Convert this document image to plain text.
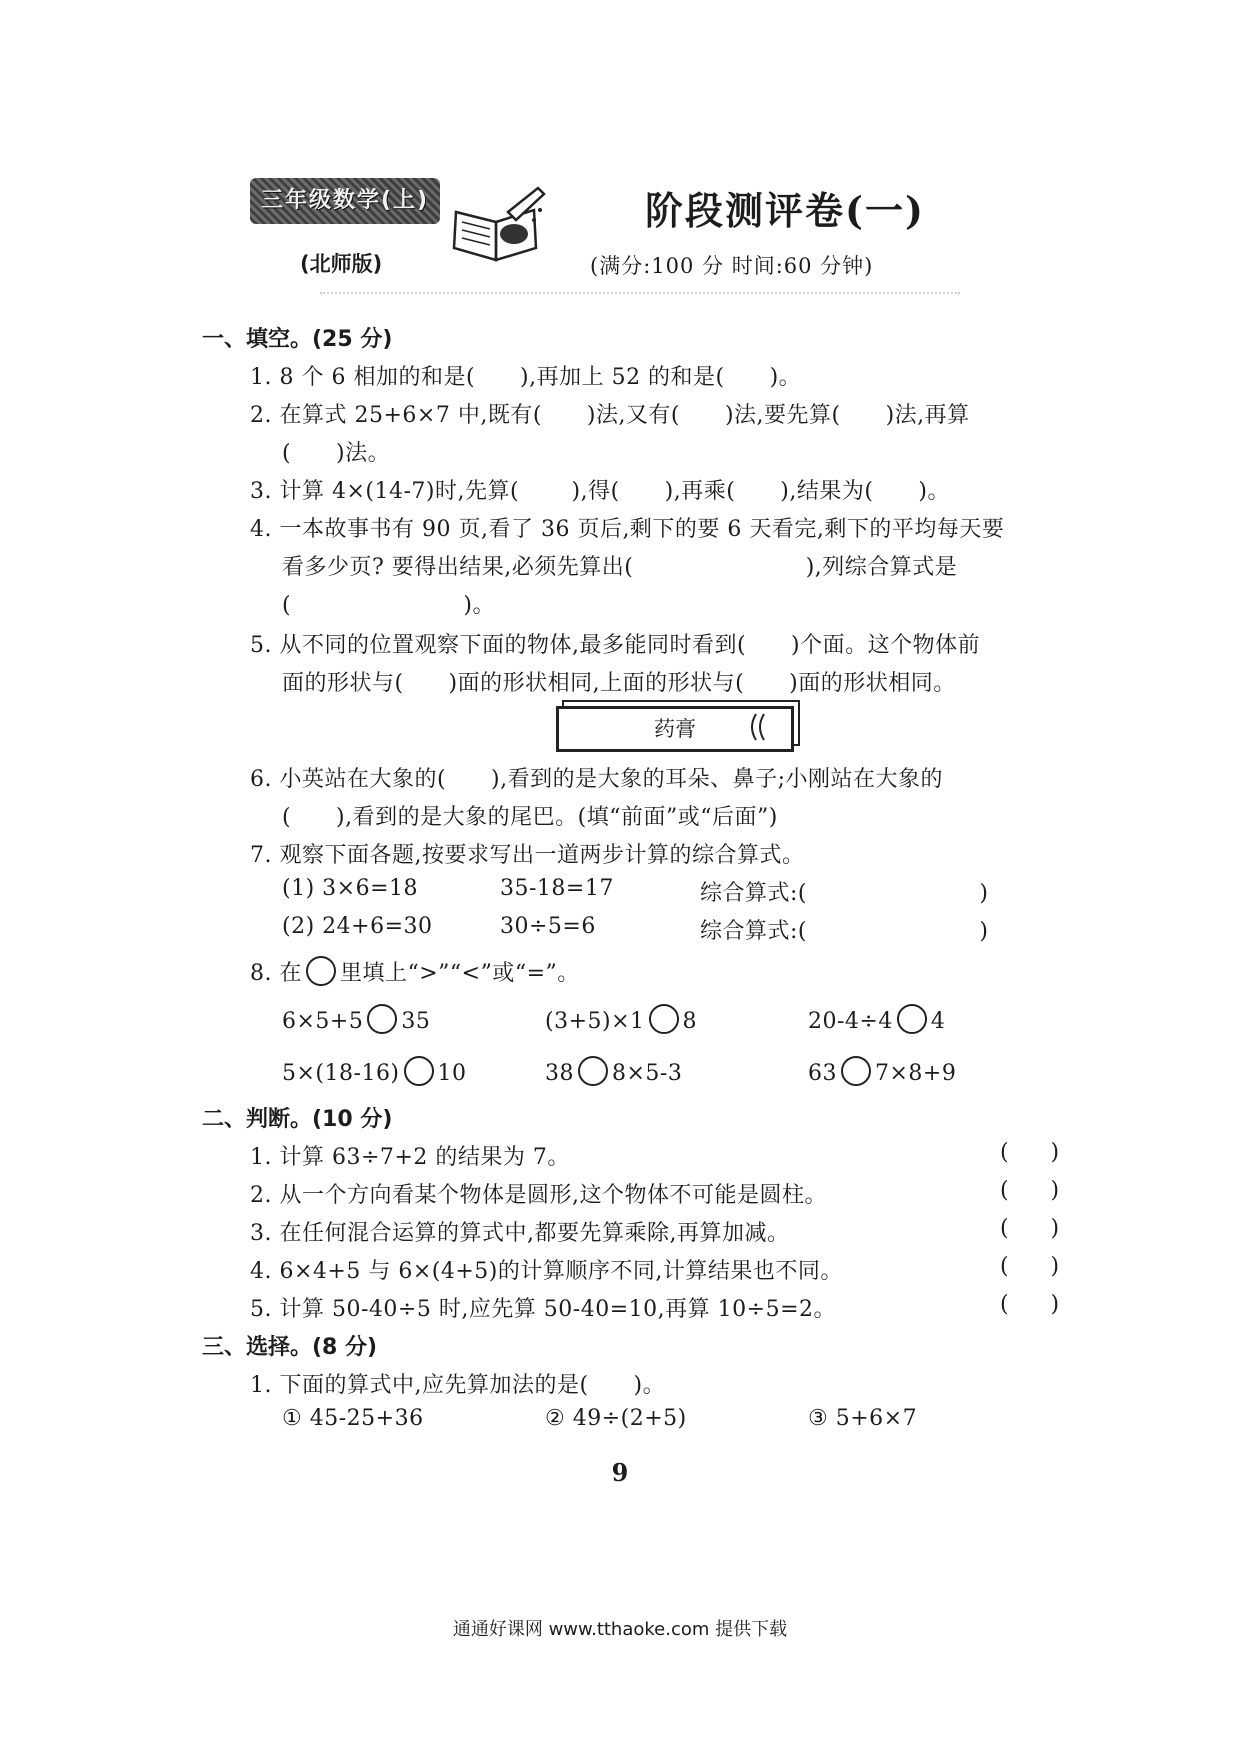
三年级数学(上)
(北师版)
阶段测评卷(一)
(满分:100 分 时间:60 分钟)
一、填空。(25 分)
1. 8 个 6 相加的和是(      ),再加上 52 的和是(      )。
2. 在算式 25+6×7 中,既有(      )法,又有(      )法,要先算(      )法,再算
(      )法。
3. 计算 4×(14-7)时,先算(       ),得(      ),再乘(      ),结果为(      )。
4. 一本故事书有 90 页,看了 36 页后,剩下的要 6 天看完,剩下的平均每天要
看多少页? 要得出结果,必须先算出(                       ),列综合算式是
(                       )。
5. 从不同的位置观察下面的物体,最多能同时看到(      )个面。这个物体前
面的形状与(      )面的形状相同,上面的形状与(      )面的形状相同。
药膏
6. 小英站在大象的(      ),看到的是大象的耳朵、鼻子;小刚站在大象的
(      ),看到的是大象的尾巴。(填“前面”或“后面”)
7. 观察下面各题,按要求写出一道两步计算的综合算式。
(1) 3×6=18	35-18=17	综合算式:(                       )
(2) 24+6=30	30÷5=6	综合算式:(                       )
8. 在 里填上“>”“<”或“=”。
6×5+5 35	(3+5)×1 8	20-4÷4 4
5×(18-16) 10	38 8×5-3	63 7×8+9
二、判断。(10 分)
1. 计算 63÷7+2 的结果为 7。	(      )
2. 从一个方向看某个物体是圆形,这个物体不可能是圆柱。	(      )
3. 在任何混合运算的算式中,都要先算乘除,再算加减。	(      )
4. 6×4+5 与 6×(4+5)的计算顺序不同,计算结果也不同。	(      )
5. 计算 50-40÷5 时,应先算 50-40=10,再算 10÷5=2。	(      )
三、选择。(8 分)
1. 下面的算式中,应先算加法的是(      )。
① 45-25+36	② 49÷(2+5)	③ 5+6×7
9
通通好课网 www.tthaoke.com 提供下载
